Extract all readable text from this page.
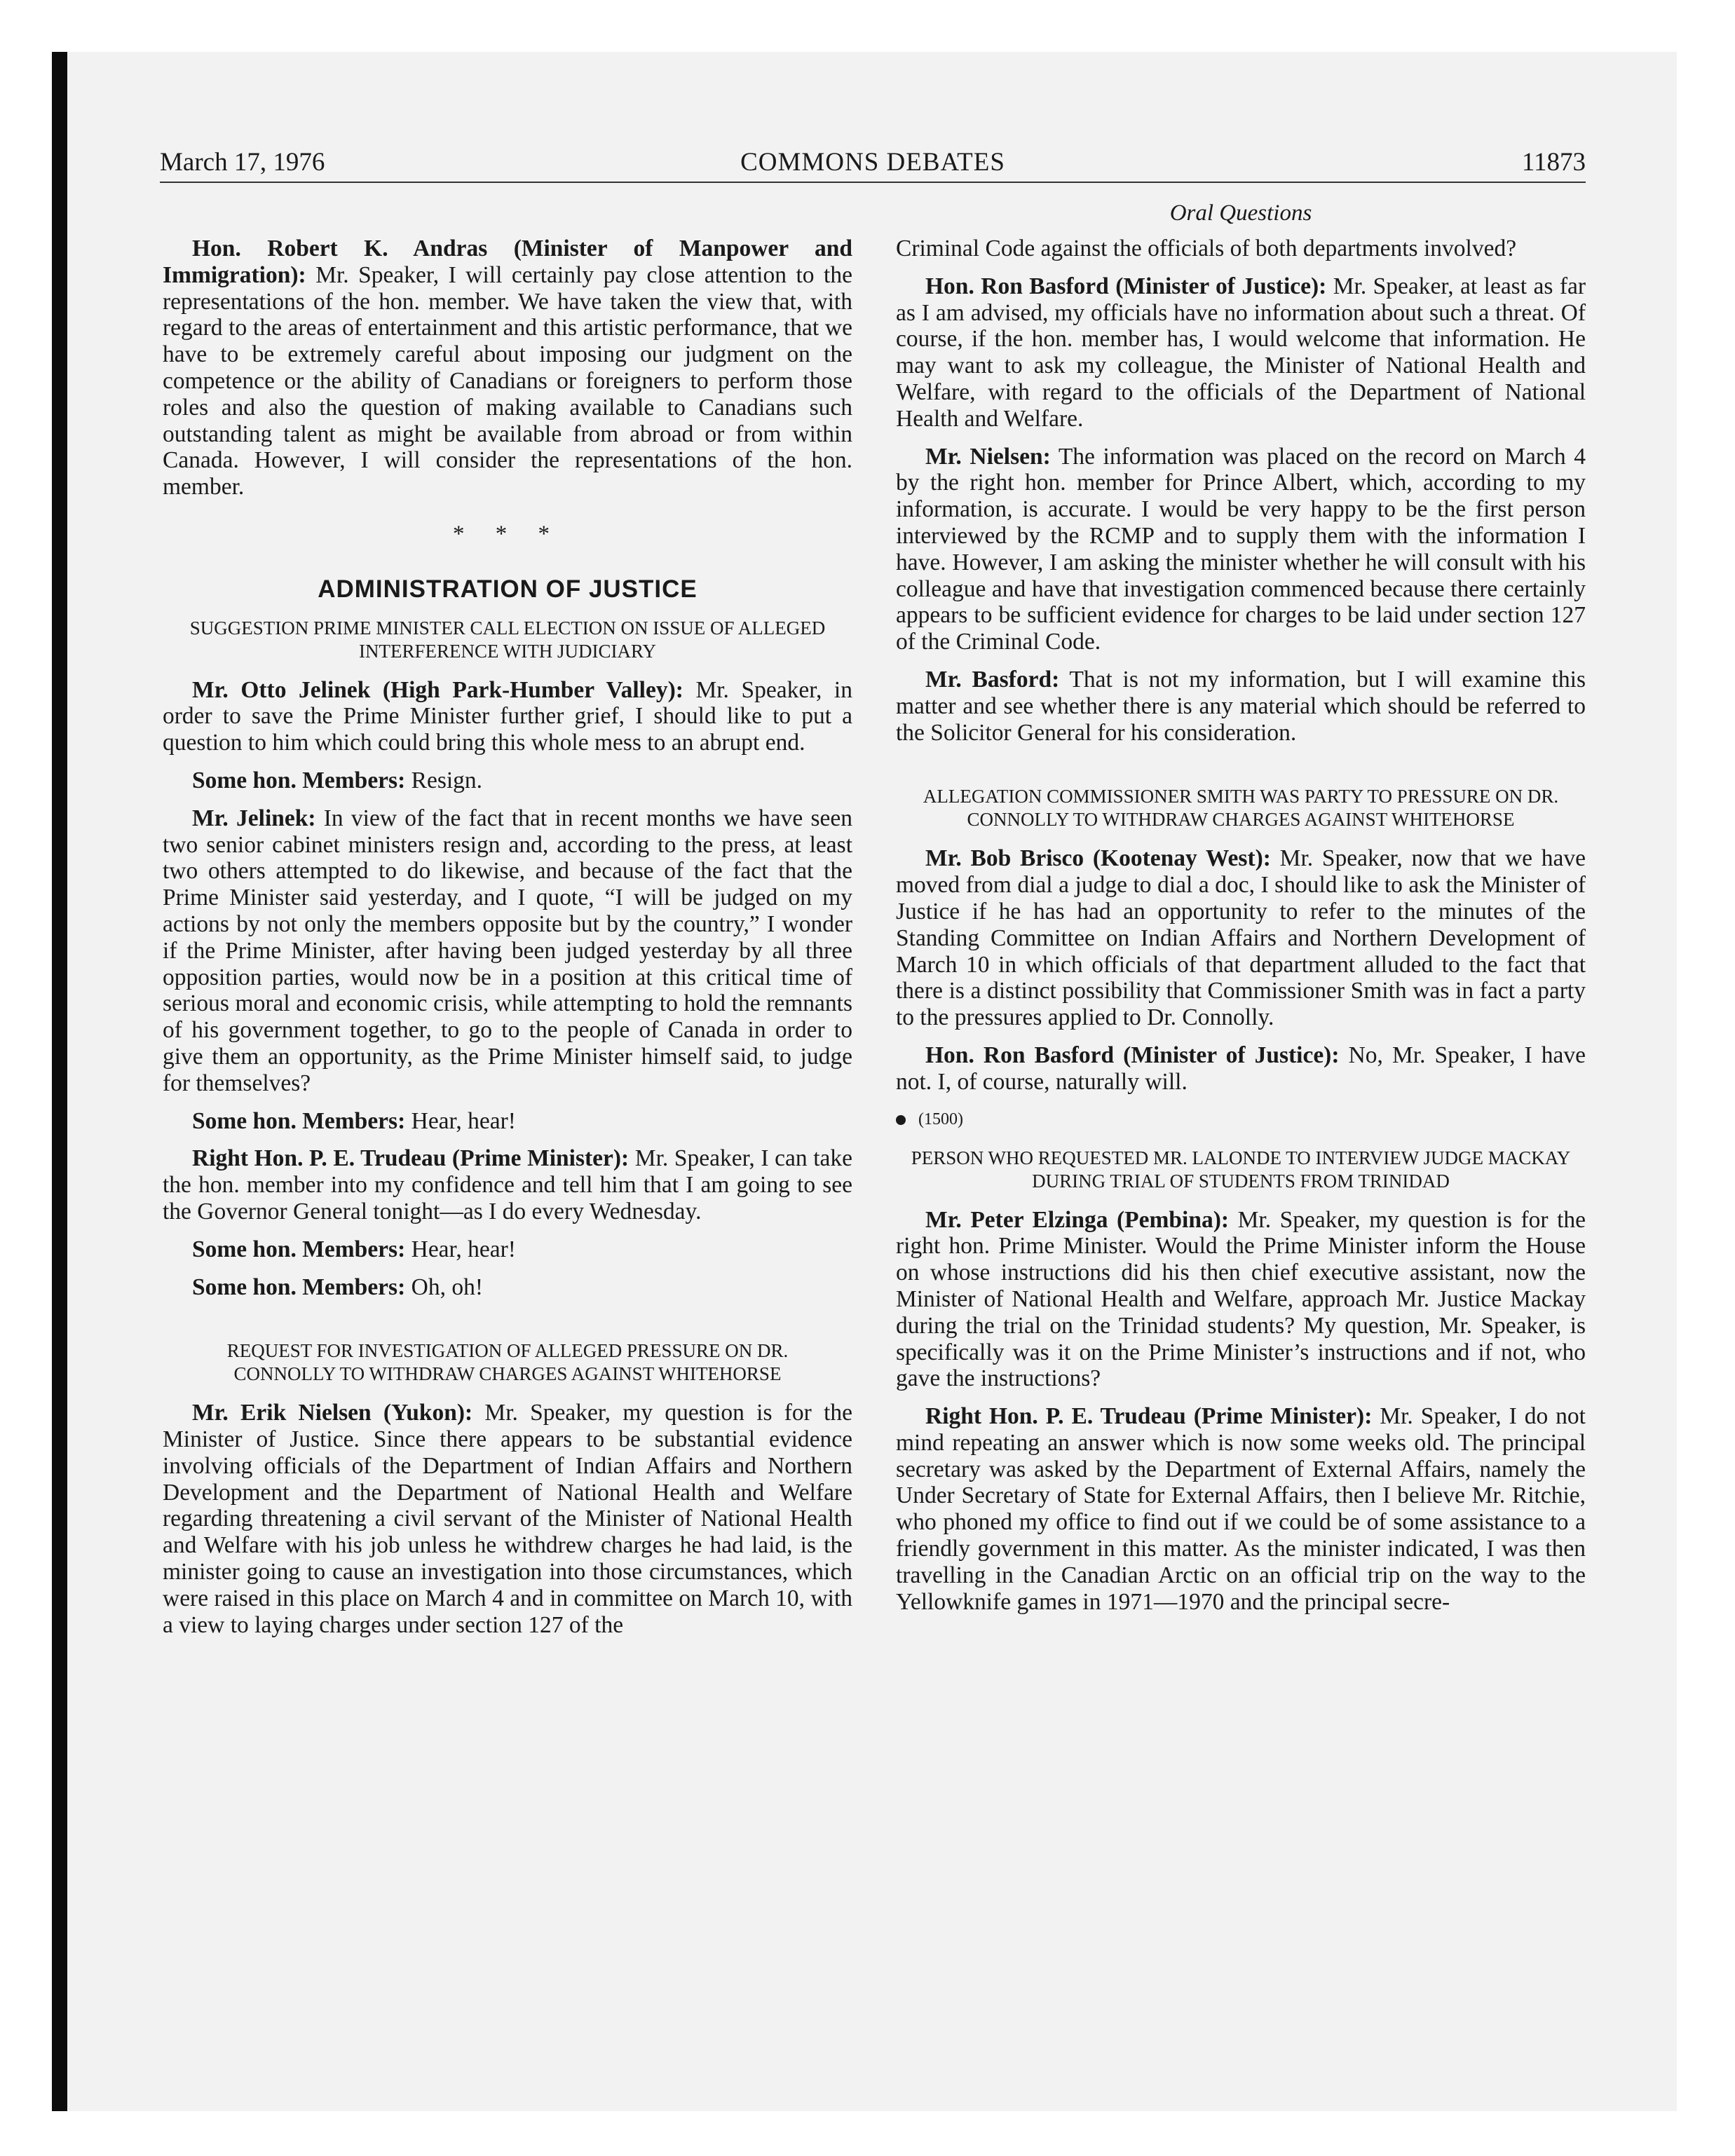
March 17, 1976	COMMONS DEBATES	11873
Oral Questions

Hon. Robert K. Andras (Minister of Manpower and Immigration): Mr. Speaker, I will certainly pay close attention to the representations of the hon. member. We have taken the view that, with regard to the areas of entertainment and this artistic performance, that we have to be extremely careful about imposing our judgment on the competence or the ability of Canadians or foreigners to perform those roles and also the question of making available to Canadians such outstanding talent as might be available from abroad or from within Canada. However, I will consider the representations of the hon. member.

* * *
ADMINISTRATION OF JUSTICE
SUGGESTION PRIME MINISTER CALL ELECTION ON ISSUE OF ALLEGED INTERFERENCE WITH JUDICIARY

Mr. Otto Jelinek (High Park-Humber Valley): Mr. Speaker, in order to save the Prime Minister further grief, I should like to put a question to him which could bring this whole mess to an abrupt end.

Some hon. Members: Resign.

Mr. Jelinek: In view of the fact that in recent months we have seen two senior cabinet ministers resign and, according to the press, at least two others attempted to do likewise, and because of the fact that the Prime Minister said yesterday, and I quote, “I will be judged on my actions by not only the members opposite but by the country,” I wonder if the Prime Minister, after having been judged yesterday by all three opposition parties, would now be in a position at this critical time of serious moral and economic crisis, while attempting to hold the remnants of his government together, to go to the people of Canada in order to give them an opportunity, as the Prime Minister himself said, to judge for themselves?

Some hon. Members: Hear, hear!

Right Hon. P. E. Trudeau (Prime Minister): Mr. Speaker, I can take the hon. member into my confidence and tell him that I am going to see the Governor General tonight—as I do every Wednesday.

Some hon. Members: Hear, hear!

Some hon. Members: Oh, oh!

REQUEST FOR INVESTIGATION OF ALLEGED PRESSURE ON DR. CONNOLLY TO WITHDRAW CHARGES AGAINST WHITEHORSE

Mr. Erik Nielsen (Yukon): Mr. Speaker, my question is for the Minister of Justice. Since there appears to be substantial evidence involving officials of the Department of Indian Affairs and Northern Development and the Department of National Health and Welfare regarding threatening a civil servant of the Minister of National Health and Welfare with his job unless he withdrew charges he had laid, is the minister going to cause an investigation into those circumstances, which were raised in this place on March 4 and in committee on March 10, with a view to laying charges under section 127 of the

Criminal Code against the officials of both departments involved?

Hon. Ron Basford (Minister of Justice): Mr. Speaker, at least as far as I am advised, my officials have no information about such a threat. Of course, if the hon. member has, I would welcome that information. He may want to ask my colleague, the Minister of National Health and Welfare, with regard to the officials of the Department of National Health and Welfare.

Mr. Nielsen: The information was placed on the record on March 4 by the right hon. member for Prince Albert, which, according to my information, is accurate. I would be very happy to be the first person interviewed by the RCMP and to supply them with the information I have. However, I am asking the minister whether he will consult with his colleague and have that investigation commenced because there certainly appears to be sufficient evidence for charges to be laid under section 127 of the Criminal Code.

Mr. Basford: That is not my information, but I will examine this matter and see whether there is any material which should be referred to the Solicitor General for his consideration.

ALLEGATION COMMISSIONER SMITH WAS PARTY TO PRESSURE ON DR. CONNOLLY TO WITHDRAW CHARGES AGAINST WHITEHORSE

Mr. Bob Brisco (Kootenay West): Mr. Speaker, now that we have moved from dial a judge to dial a doc, I should like to ask the Minister of Justice if he has had an opportunity to refer to the minutes of the Standing Committee on Indian Affairs and Northern Development of March 10 in which officials of that department alluded to the fact that there is a distinct possibility that Commissioner Smith was in fact a party to the pressures applied to Dr. Connolly.

Hon. Ron Basford (Minister of Justice): No, Mr. Speaker, I have not. I, of course, naturally will.

(1500)
PERSON WHO REQUESTED MR. LALONDE TO INTERVIEW JUDGE MACKAY DURING TRIAL OF STUDENTS FROM TRINIDAD

Mr. Peter Elzinga (Pembina): Mr. Speaker, my question is for the right hon. Prime Minister. Would the Prime Minister inform the House on whose instructions did his then chief executive assistant, now the Minister of National Health and Welfare, approach Mr. Justice Mackay during the trial on the Trinidad students? My question, Mr. Speaker, is specifically was it on the Prime Minister’s instructions and if not, who gave the instructions?

Right Hon. P. E. Trudeau (Prime Minister): Mr. Speaker, I do not mind repeating an answer which is now some weeks old. The principal secretary was asked by the Department of External Affairs, namely the Under Secretary of State for External Affairs, then I believe Mr. Ritchie, who phoned my office to find out if we could be of some assistance to a friendly government in this matter. As the minister indicated, I was then travelling in the Canadian Arctic on an official trip on the way to the Yellowknife games in 1971—1970 and the principal secre-
